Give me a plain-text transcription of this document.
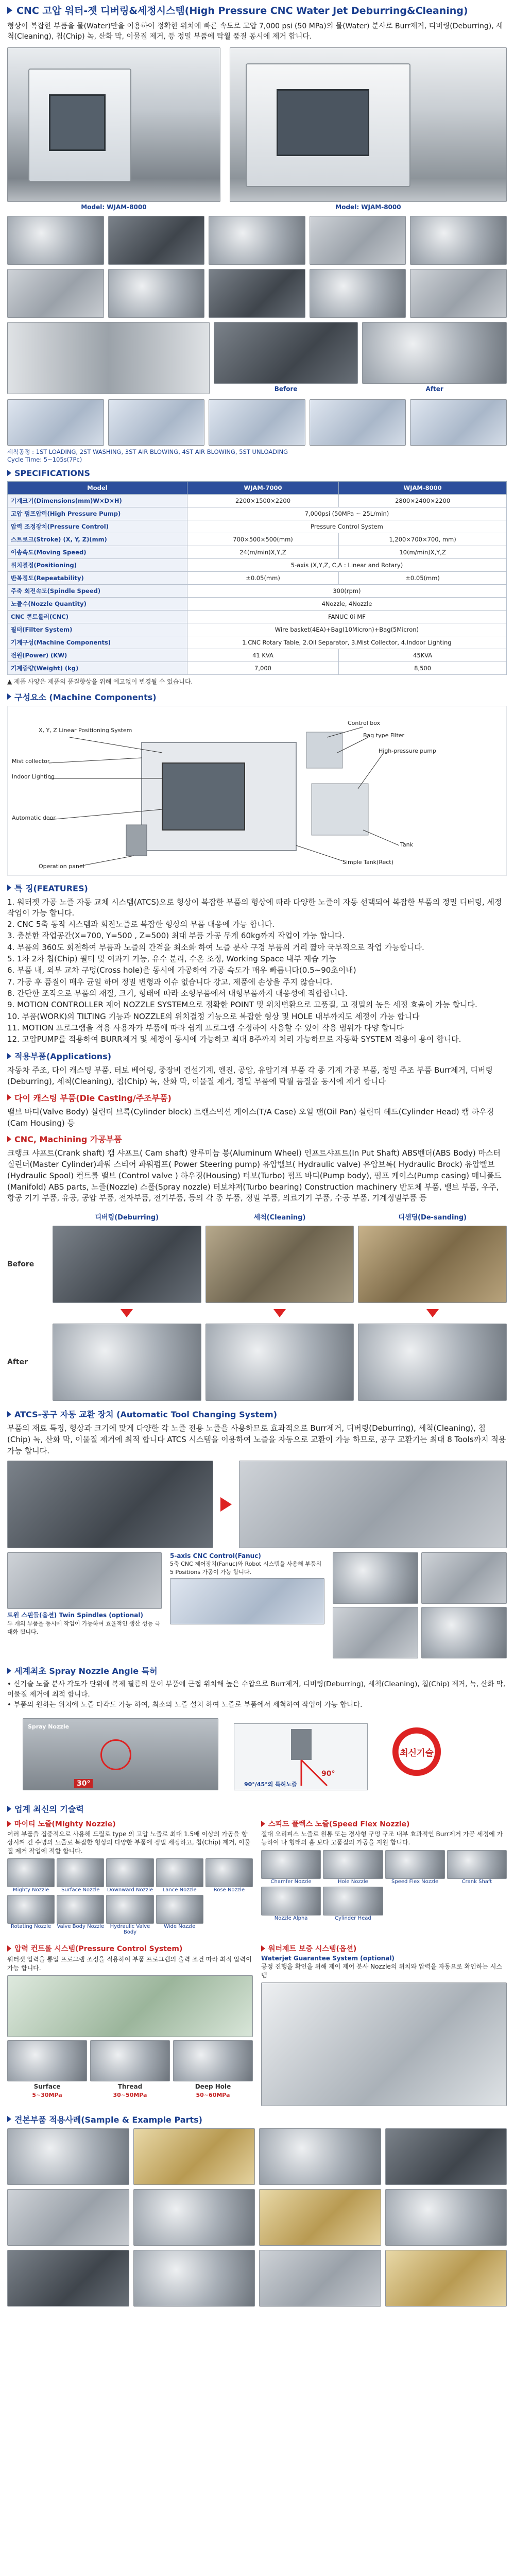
CNC 고압 워터-젯 디버링&세정시스템(High Pressure CNC Water Jet Deburring&Cleaning)

형상이 복잡한 부품을 물(Water)만을 이용하여 정확한 위치에 빠른 속도로 고압 7,000 psi (50 MPa)의 물(Water) 분사로 Burr제거, 디버링(Deburring), 세척(Cleaning), 칩(Chip) 녹, 산화 막, 이물질 제거, 등 정밀 부품에 탁월 품질 동시에 제거 합니다.

Model: WJAM-8000	Model: WJAM-8000
Before	After
세척공정 : 1ST LOADING, 2ST WASHING, 3ST AIR BLOWING, 4ST AIR BLOWING, 5ST UNLOADING
Cycle Time: 5~105s(7Pc)
SPECIFICATIONS
Model	WJAM-7000	WJAM-8000
기계크기(Dimensions(mm)W×D×H)	2200×1500×2200	2800×2400×2200
고압 펌프압력(High Pressure Pump)	7,000psi (50MPa ~ 25L/min)	
압력 조정장치(Pressure Control)	Pressure Control System	
스트로크(Stroke) (X, Y, Z)(mm)	700×500×500(mm)	1,200×700×700, mm)
이송속도(Moving Speed)	24(m/min)X,Y,Z	10(m/min)X,Y,Z
위치결정(Positioning)	5-axis (X,Y,Z, C,A : Linear and Rotary)	
반복정도(Repeatability)	±0.05(mm)	±0.05(mm)
주축 회전속도(Spindle Speed)	300(rpm)	
노즐수(Nozzle Quantity)	4Nozzle, 4Nozzle	
CNC 콘트롤러(CNC)	FANUC 0i MF	
필터(Filter System)	Wire basket(4EA)+Bag(10Micron)+Bag(5Micron)	
기계구성(Machine Components)	1.CNC Rotary Table, 2.Oil Separator, 3.Mist Collector, 4.Indoor Lighting	
전원(Power) (KW)	41 KVA	45KVA
기계중량(Weight) (kg)	7,000	8,500
▲ 제품 사양은 제품의 품질향상을 위해 예고없이 변경될 수 있습니다.
구성요소 (Machine Components)
X, Y, Z Linear Positioning System
Control box
Bag type Filter
Mist collector
Indoor Lighting
High-pressure pump
Automatic door
Tank
Simple Tank(Rect)
Operation panel
특 징(FEATURES)
1. 워터젯 가공 노즐 자동 교체 시스템(ATCS)으로 형상이 복잡한 부품의 형상에 따라 다양한 노즐이 자동 선택되어 복잡한 부품의 정밀 디버링, 세정 작업이 가능 합니다.
2. CNC 5축 동작 시스템과 회전노즐로 복잡한 형상의 부품 대응에 가능 합니다.
3. 충분한 작업공간(X=700, Y=500 , Z=500) 최대 부품 가공 무게 60kg까지 작업이 가능 합니다.
4. 부품의 360도 회전하여 부품과 노즐의 간격을 최소화 하여 노즐 분사 구경 부품의 거리 짧아 국부적으로 작업 가능합니다.
5. 1차 2차 칩(Chip) 필터 및 여과기 기능, 유수 분리, 수온 조정, Working Space 내부 제습 기능
6. 부품 내, 외부 교차 구멍(Cross hole)을 동시에 가공하여 가공 속도가 매우 빠릅니다(0.5~90초이내)
7. 가공 후 품질이 매우 균일 하며 정밀 변형과 이슈 없습니다 강고. 제품에 손상을 주지 않습니다.
8. 간단한 조작으로 부품의 재질, 크기, 형태에 따라 소형부품에서 대형부품까지 대응성에 적합합니다.
9. MOTION CONTROLLER 제어 NOZZLE SYSTEM으로 정확한 POINT 및 위치변환으로 고품질, 고 정밀의 높은 세정 효율이 가능 합니다.
10. 부품(WORK)의 TILTING 기능과 NOZZLE의 위치결정 기능으로 복잡한 형상 및 HOLE 내부까지도 세정이 가능 합니다
11. MOTION 프로그램을 적용 사용자가 부품에 따라 쉽게 프로그램 수정하여 사용할 수 있어 작용 범위가 다양 합니다
12. 고압PUMP를 적용하여 BURR제거 및 세정이 동시에 가능하고 최대 8주까지 처리 가능하므로 자동화 SYSTEM 적용이 용이 합니다.
적용부품(Applications)

자동차 주조, 다이 캐스팅 부품, 터보 베어링, 중장비 건설기계, 엔진, 공압, 유압기계 부품 각 종 기계 가공 부품, 정밀 주조 부품 Burr제거, 디버링(Deburring), 세척(Cleaning), 칩(Chip) 녹, 산화 막, 이물질 제거, 정밀 부품에 탁월 품질을 동시에 제거 합니다

다이 캐스팅 부품(Die Casting/주조부품)

밸브 바디(Valve Body) 실린더 브록(Cylinder block) 트랜스믹션 케이스(T/A Case) 오일 팬(Oil Pan) 실린더 헤드(Cylinder Head) 캠 하우징 (Cam Housing) 등

CNC, Machining 가공부품

크랭크 샤프트(Crank shaft) 캠 샤프트( Cam shaft) 알루미늄 봉(Aluminum Wheel) 인프트샤프트(In Put Shaft) ABS벤더(ABS Body) 마스터 실린더(Master Cylinder)파워 스티어 파워펌프( Power Steering pump) 유압밸브( Hydraulic valve) 유압브록( Hydraulic Brock) 유압밸브(Hydraulic Spool) 컨트롤 밸브 (Control valve ) 하우징(Housing) 터보(Turbo) 펌프 바디(Pump body), 펌프 케이스(Pump casing) 매니폴드(Manifold) ABS parts, 노즐(Nozzle) 스풀(Spray nozzle) 터보챠져(Turbo bearing) Construction machinery 반도체 부품, 밸브 부품, 우주, 항공 기기 부품, 유공, 공압 부품, 전자부품, 전기부품, 등의 각 종 부품, 정밀 부품, 의료기기 부품, 수공 부품, 기계정밀부품 등

디버링(Deburring)	세척(Cleaning)	디샌딩(De-sanding)
Before
After
ATCS-공구 자동 교환 장치 (Automatic Tool Changing System)

부품의 재료 특징, 형상과 크기에 맞게 다양한 각 노즐 전용 노즐을 사용하므로 효과적으로 Burr제거, 디버링(Deburring), 세척(Cleaning), 칩(Chip) 녹, 산화 막, 이물질 제거에 최적 합니다 ATCS 시스템을 이용하여 노즐을 자동으로 교환이 가능 하므로, 공구 교환기는 최대 8 Tools까지 적용 가능 합니다.

트윈 스핀들(옵션) Twin Spindles (optional)
두 개의 부품을 동시에 작업이 가능하여 효율적인 생산 성능 극대화 됩니다.
5-axis CNC Control(Fanuc)
5축 CNC 제어장치(Fanuc)와 Robot 시스템을 사용해 부품의 5 Positions 가공이 가능 합니다.
세계최초 Spray Nozzle Angle 특허

• 신기술 노즐 분사 각도가 단위에 복제 필름의 문어 부품에 근접 위치해 높은 수압으로 Burr제거, 디버링(Deburring), 세척(Cleaning), 칩(Chip) 제거, 녹, 산화 막, 이물질 제거에 최적 합니다.

• 부품의 원하는 위치에 노즐 다각도 가능 하여, 최소의 노즐 설치 하여 노즐로 부품에서 세척하여 작업이 가능 합니다.

30°
Spray Nozzle
90°
90°/45°의 특허노즐
최신기술
업계 최신의 기술력
마이티 노즐(Mighty Nozzle)

여러 부품을 집중적으로 사용해 드릴로 type 의 고압 노즐로 최대 1.5배 이상의 가공을 향상시켜 긴 수명의 노즐로 복잡한 형상의 다양한 부품에 정밀 세정하고, 칩(Chip) 제거, 이물질 제거 작업에 적합 합니다.

Mighty Nozzle	Surface Nozzle	Downward Nozzle	Lance Nozzle	Rose Nozzle
Rotating Nozzle	Valve Body Nozzle	Hydraulic Valve Body
Wide Nozzle
스피드 플렉스 노즐(Speed Flex Nozzle)

절대 오리피스 노즐로 원통 또는 경사형 구멍 구조 내부 효과적인 Burr제거 가공 세정에 가능하여 나 형태의 홈 보다 고품질의 가공을 지원 합니다.

Chamfer Nozzle	Hole Nozzle	Speed Flex Nozzle	Crank Shaft
Nozzle Alpha	Cylinder Head
압력 컨트롤 시스템(Pressure Control System)

워터젯 압력을 통일 프로그램 조정을 적용하여 부품 프로그램의 출력 조건 따라 최적 압력이 가능 합니다.

Surface
5~30MPa
Thread
30~50MPa
Deep Hole
50~60MPa
워터제트 보증 시스템(옵션)
Waterjet Guarantee System (optional)

공정 진행을 확인을 위해 제이 제어 분사 Nozzle의 위치와 압력을 자동으로 확인하는 시스템

견본부품 적용사례(Sample & Example Parts)
